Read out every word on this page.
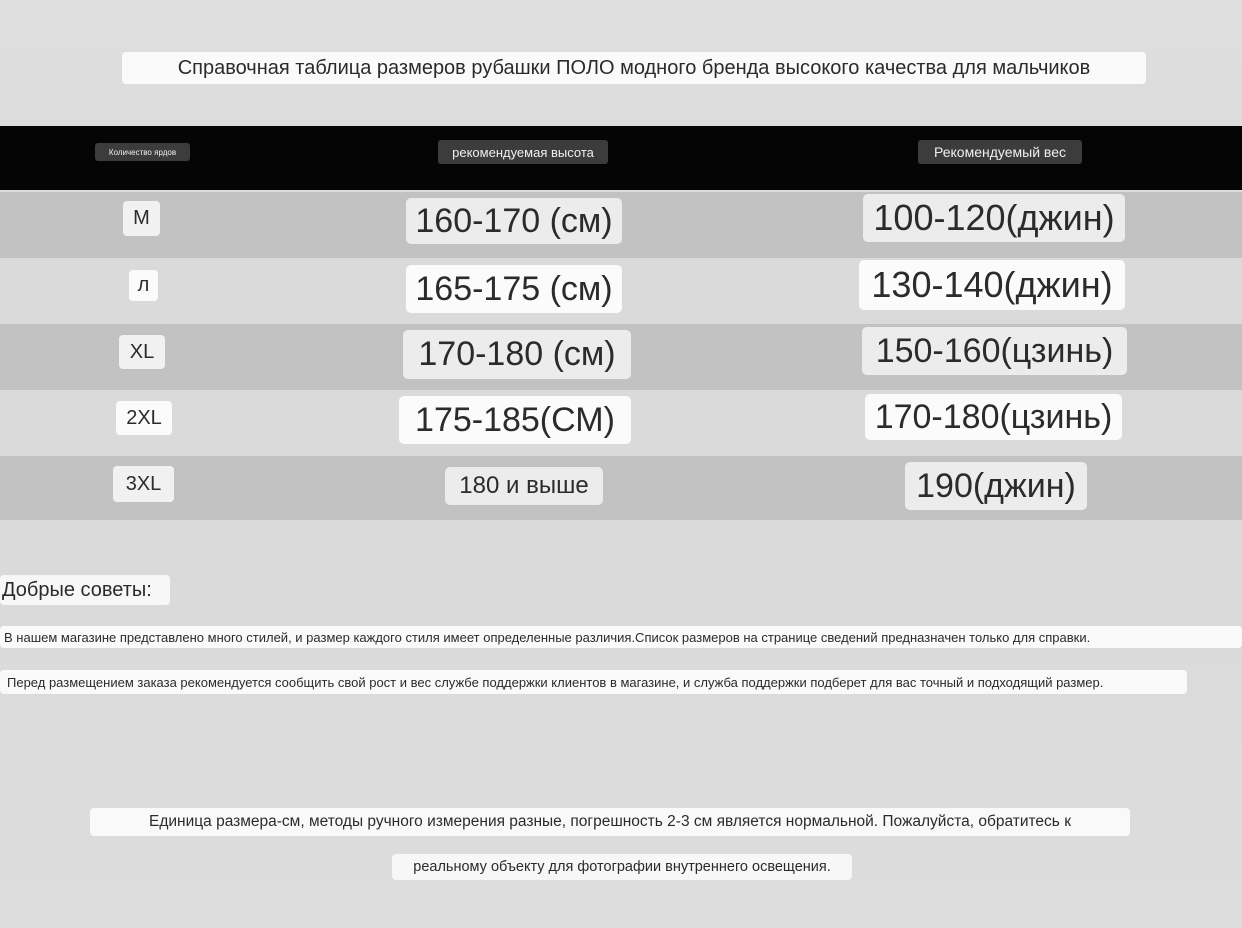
Справочная таблица размеров рубашки ПОЛО модного бренда высокого качества для мальчиков
Количество ярдов	рекомендуемая высота	Рекомендуемый вес
M	160-170 (см)	100-120(джин)
л	165-175 (см)	130-140(джин)
XL	170-180 (см)	150-160(цзинь)
2XL	175-185(СМ)	170-180(цзинь)
3XL	180 и выше	190(джин)
Добрые советы:
В нашем магазине представлено много стилей, и размер каждого стиля имеет определенные различия.Список размеров на странице сведений предназначен только для справки.
Перед размещением заказа рекомендуется сообщить свой рост и вес службе поддержки клиентов в магазине, и служба поддержки подберет для вас точный и подходящий размер.
Единица размера-см, методы ручного измерения разные, погрешность 2-3 см является нормальной. Пожалуйста, обратитесь к
реальному объекту для фотографии внутреннего освещения.
